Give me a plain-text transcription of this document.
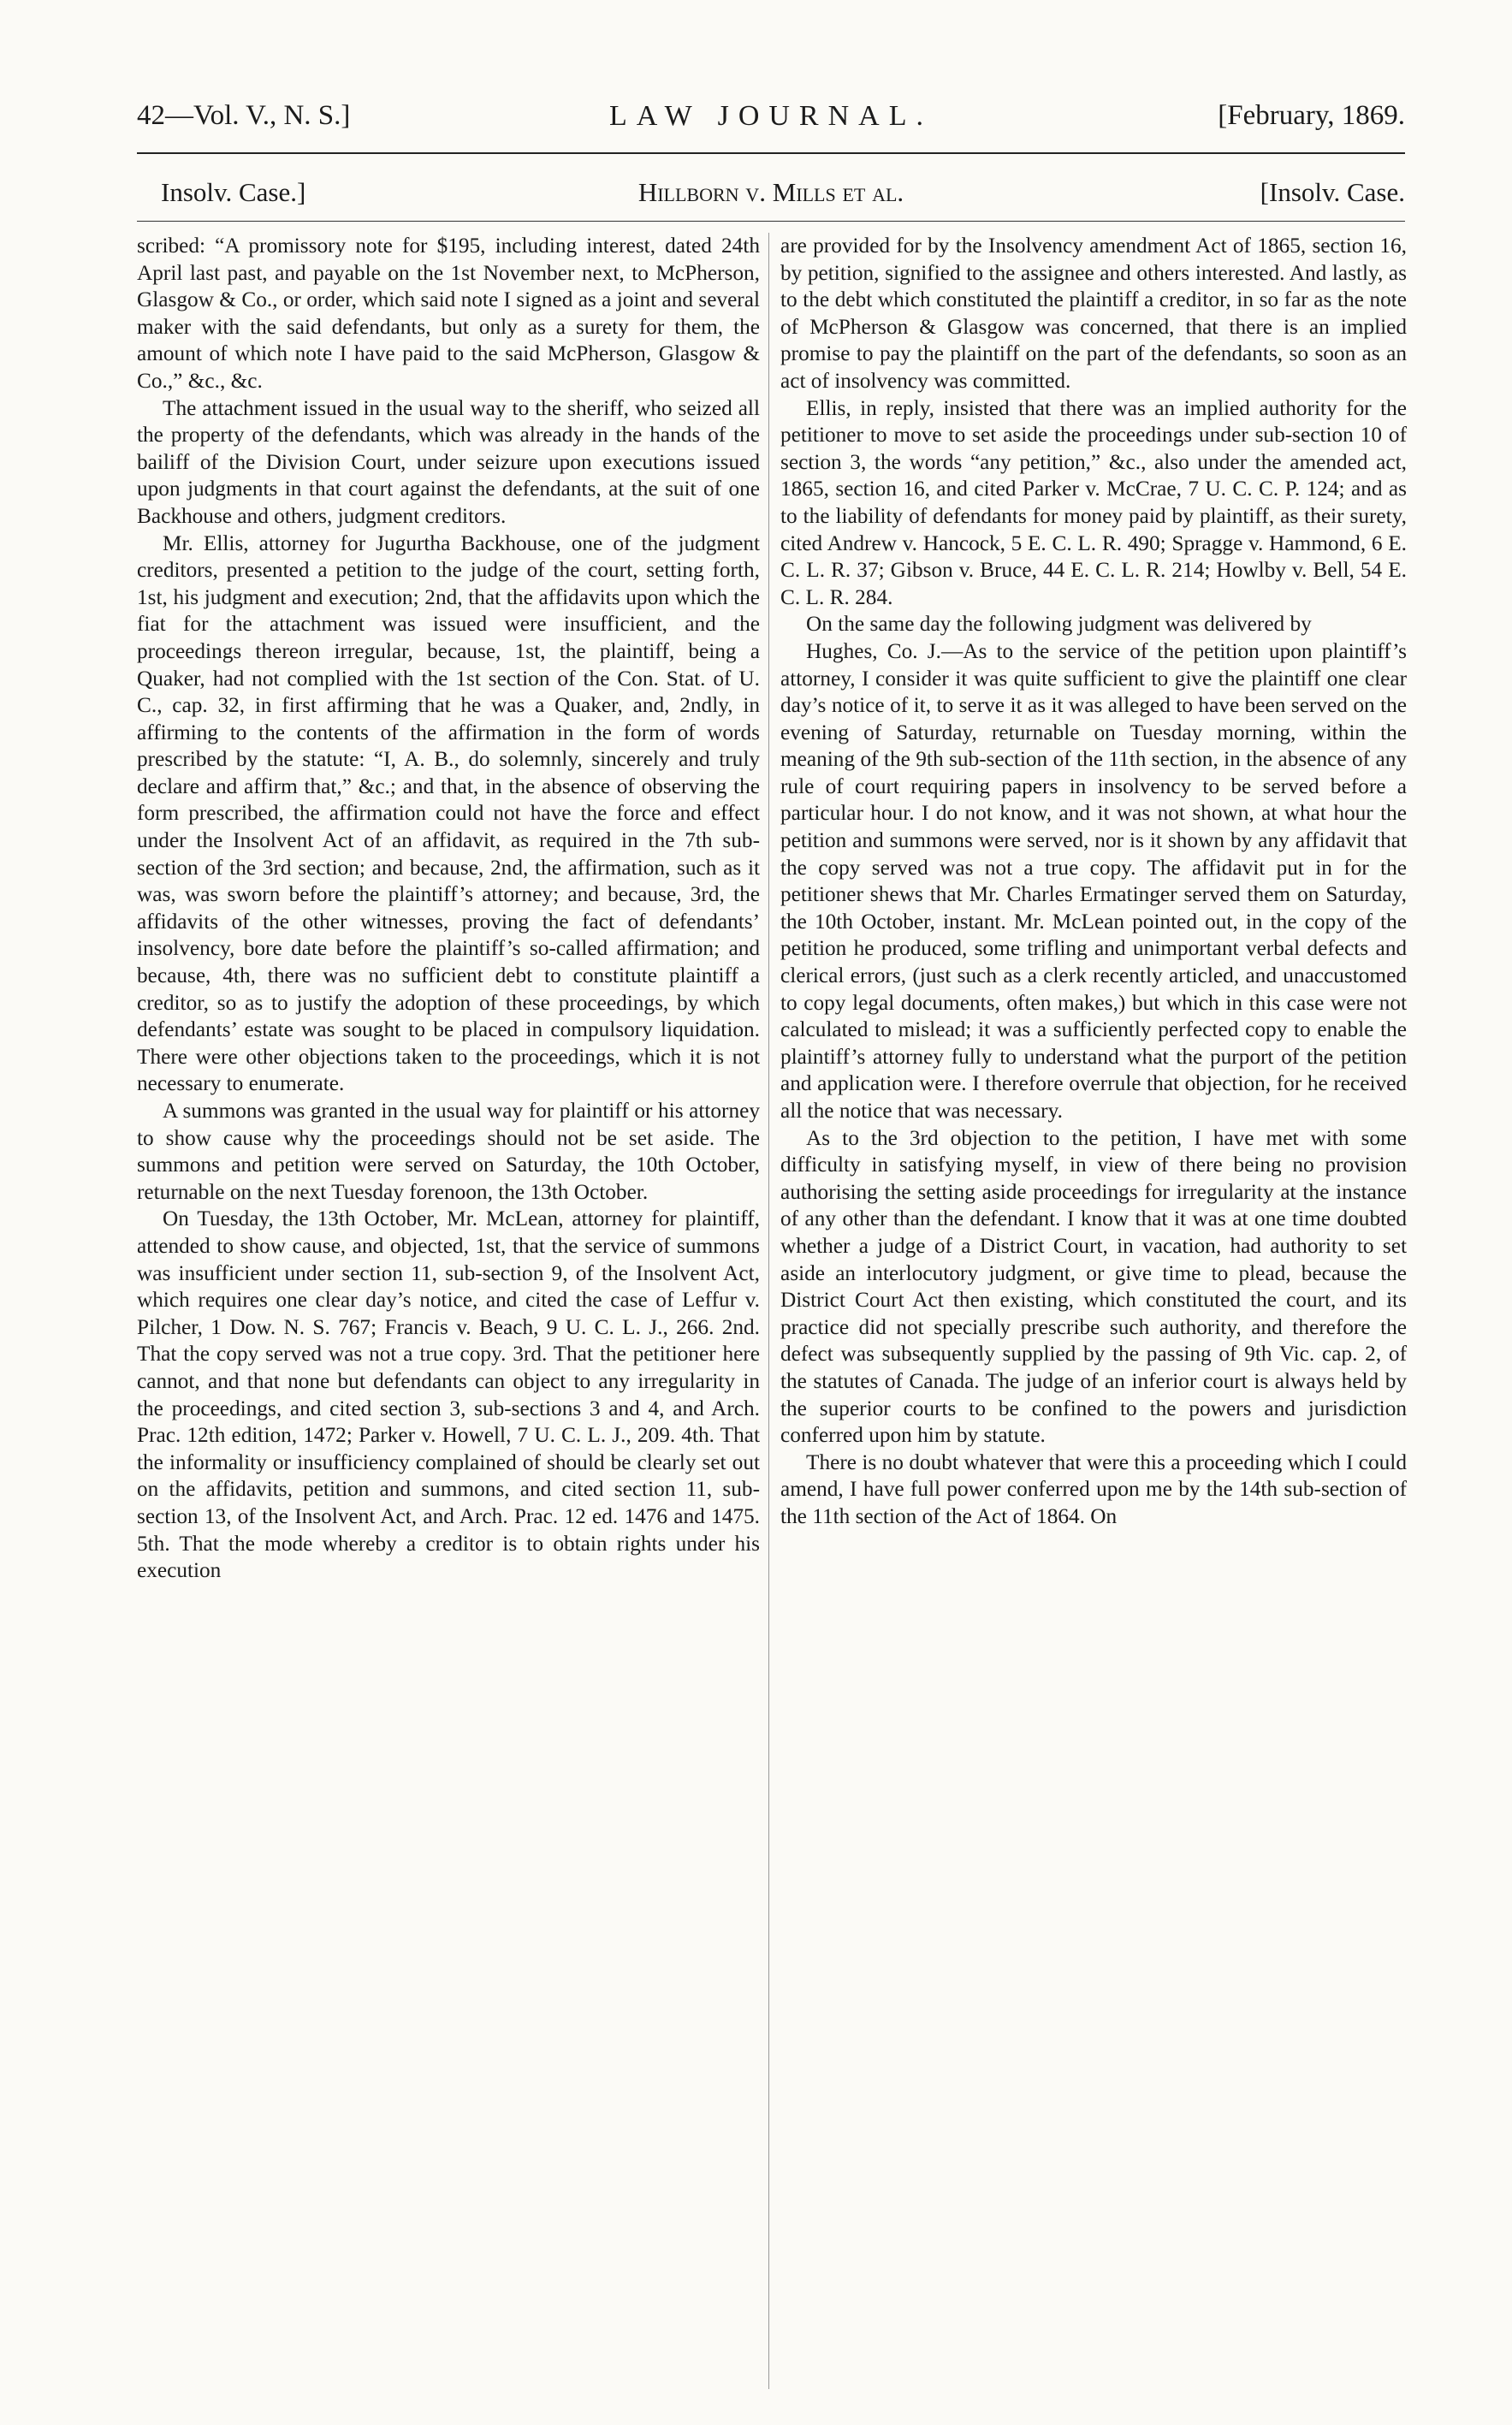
42—Vol. V., N. S.]	LAW JOURNAL.	[February, 1869.
Insolv. Case.]	Hillborn v. Mills et al.	[Insolv. Case.

scribed: “A promissory note for $195, including interest, dated 24th April last past, and payable on the 1st November next, to McPherson, Glasgow & Co., or order, which said note I signed as a joint and several maker with the said defendants, but only as a surety for them, the amount of which note I have paid to the said McPherson, Glasgow & Co.,” &c., &c.

The attachment issued in the usual way to the sheriff, who seized all the property of the defendants, which was already in the hands of the bailiff of the Division Court, under seizure upon executions issued upon judgments in that court against the defendants, at the suit of one Backhouse and others, judgment creditors.

Mr. Ellis, attorney for Jugurtha Backhouse, one of the judgment creditors, presented a petition to the judge of the court, setting forth, 1st, his judgment and execution; 2nd, that the affidavits upon which the fiat for the attachment was issued were insufficient, and the proceedings thereon irregular, because, 1st, the plaintiff, being a Quaker, had not complied with the 1st section of the Con. Stat. of U. C., cap. 32, in first affirming that he was a Quaker, and, 2ndly, in affirming to the contents of the affirmation in the form of words prescribed by the statute: “I, A. B., do solemnly, sincerely and truly declare and affirm that,” &c.; and that, in the absence of observing the form prescribed, the affirmation could not have the force and effect under the Insolvent Act of an affidavit, as required in the 7th sub-section of the 3rd section; and because, 2nd, the affirmation, such as it was, was sworn before the plaintiff’s attorney; and because, 3rd, the affidavits of the other witnesses, proving the fact of defendants’ insolvency, bore date before the plaintiff’s so-called affirmation; and because, 4th, there was no sufficient debt to constitute plaintiff a creditor, so as to justify the adoption of these proceedings, by which defendants’ estate was sought to be placed in compulsory liquidation. There were other objections taken to the proceedings, which it is not necessary to enumerate.

A summons was granted in the usual way for plaintiff or his attorney to show cause why the proceedings should not be set aside. The summons and petition were served on Saturday, the 10th October, returnable on the next Tuesday forenoon, the 13th October.

On Tuesday, the 13th October, Mr. McLean, attorney for plaintiff, attended to show cause, and objected, 1st, that the service of summons was insufficient under section 11, sub-section 9, of the Insolvent Act, which requires one clear day’s notice, and cited the case of Leffur v. Pilcher, 1 Dow. N. S. 767; Francis v. Beach, 9 U. C. L. J., 266. 2nd. That the copy served was not a true copy. 3rd. That the petitioner here cannot, and that none but defendants can object to any irregularity in the proceedings, and cited section 3, sub-sections 3 and 4, and Arch. Prac. 12th edition, 1472; Parker v. Howell, 7 U. C. L. J., 209. 4th. That the informality or insufficiency complained of should be clearly set out on the affidavits, petition and summons, and cited section 11, sub-section 13, of the Insolvent Act, and Arch. Prac. 12 ed. 1476 and 1475. 5th. That the mode whereby a creditor is to obtain rights under his execution

are provided for by the Insolvency amendment Act of 1865, section 16, by petition, signified to the assignee and others interested. And lastly, as to the debt which constituted the plaintiff a creditor, in so far as the note of McPherson & Glasgow was concerned, that there is an implied promise to pay the plaintiff on the part of the defendants, so soon as an act of insolvency was committed.

Ellis, in reply, insisted that there was an implied authority for the petitioner to move to set aside the proceedings under sub-section 10 of section 3, the words “any petition,” &c., also under the amended act, 1865, section 16, and cited Parker v. McCrae, 7 U. C. C. P. 124; and as to the liability of defendants for money paid by plaintiff, as their surety, cited Andrew v. Hancock, 5 E. C. L. R. 490; Spragge v. Hammond, 6 E. C. L. R. 37; Gibson v. Bruce, 44 E. C. L. R. 214; Howlby v. Bell, 54 E. C. L. R. 284.

On the same day the following judgment was delivered by

Hughes, Co. J.—As to the service of the petition upon plaintiff’s attorney, I consider it was quite sufficient to give the plaintiff one clear day’s notice of it, to serve it as it was alleged to have been served on the evening of Saturday, returnable on Tuesday morning, within the meaning of the 9th sub-section of the 11th section, in the absence of any rule of court requiring papers in insolvency to be served before a particular hour. I do not know, and it was not shown, at what hour the petition and summons were served, nor is it shown by any affidavit that the copy served was not a true copy. The affidavit put in for the petitioner shews that Mr. Charles Ermatinger served them on Saturday, the 10th October, instant. Mr. McLean pointed out, in the copy of the petition he produced, some trifling and unimportant verbal defects and clerical errors, (just such as a clerk recently articled, and unaccustomed to copy legal documents, often makes,) but which in this case were not calculated to mislead; it was a sufficiently perfected copy to enable the plaintiff’s attorney fully to understand what the purport of the petition and application were. I therefore overrule that objection, for he received all the notice that was necessary.

As to the 3rd objection to the petition, I have met with some difficulty in satisfying myself, in view of there being no provision authorising the setting aside proceedings for irregularity at the instance of any other than the defendant. I know that it was at one time doubted whether a judge of a District Court, in vacation, had authority to set aside an interlocutory judgment, or give time to plead, because the District Court Act then existing, which constituted the court, and its practice did not specially prescribe such authority, and therefore the defect was subsequently supplied by the passing of 9th Vic. cap. 2, of the statutes of Canada. The judge of an inferior court is always held by the superior courts to be confined to the powers and jurisdiction conferred upon him by statute.

There is no doubt whatever that were this a proceeding which I could amend, I have full power conferred upon me by the 14th sub-section of the 11th section of the Act of 1864. On
